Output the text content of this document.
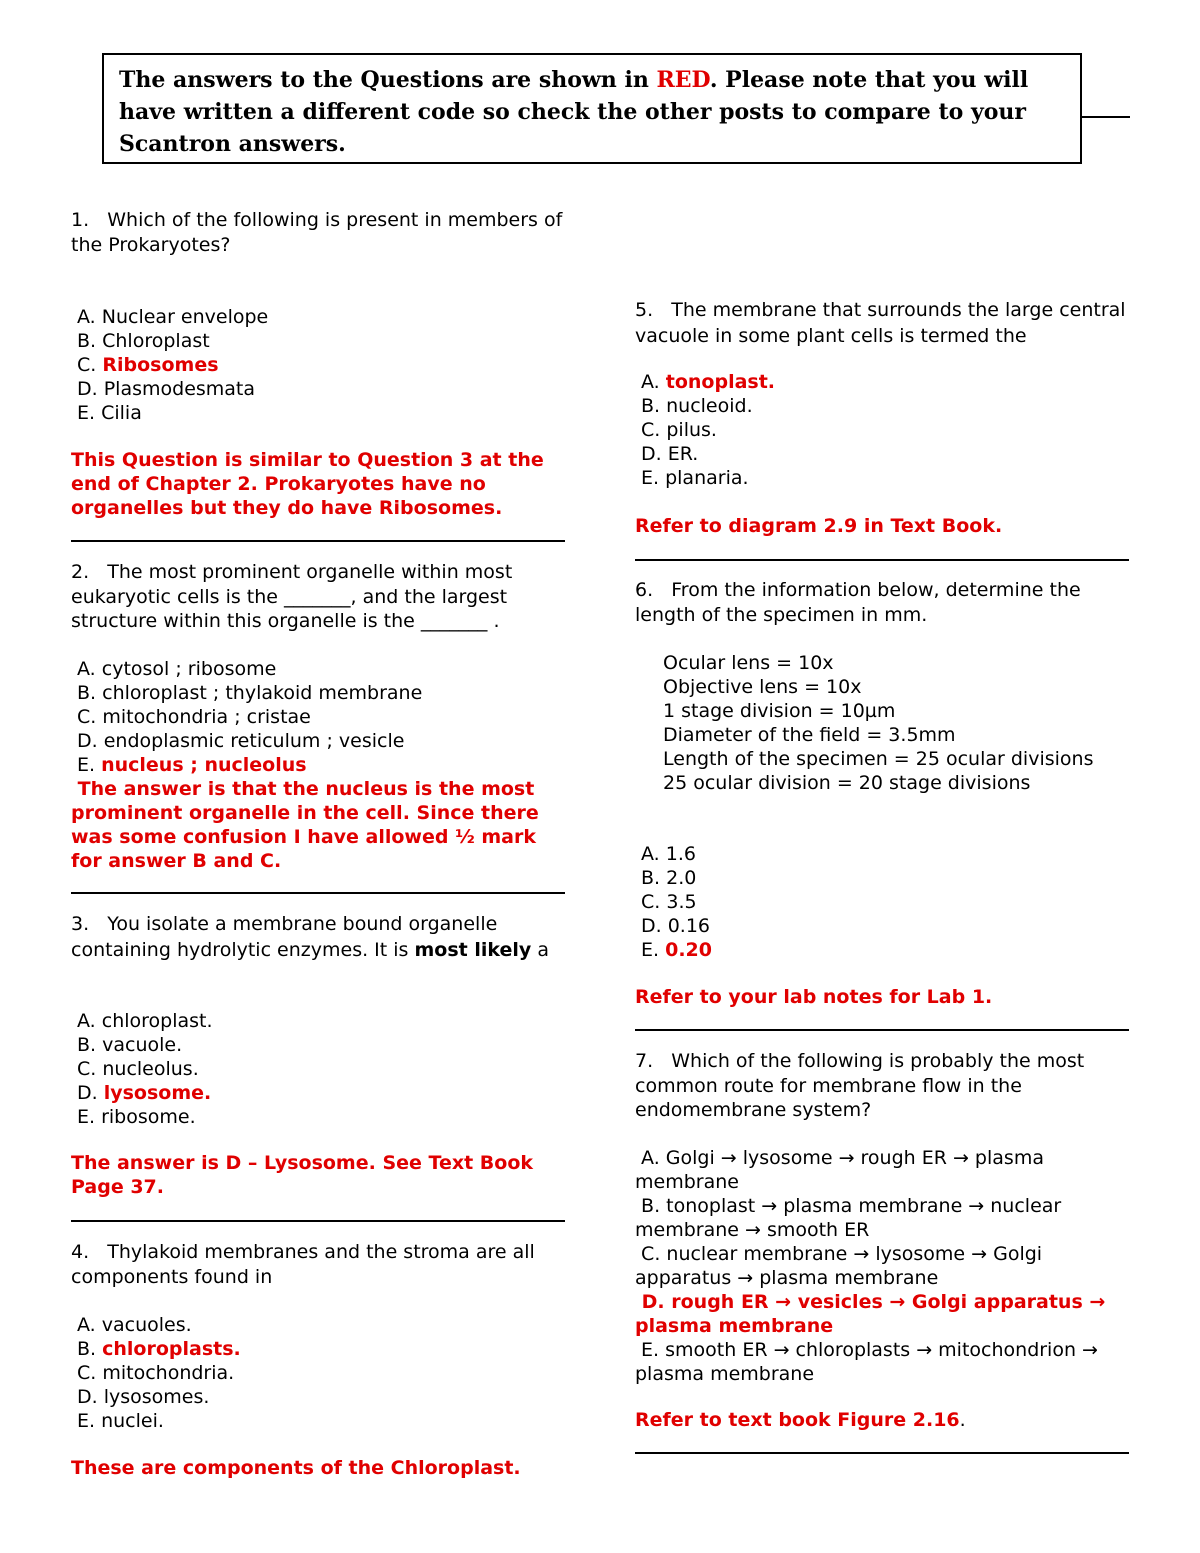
The answers to the Questions are shown in RED. Please note that you will have written a different code so check the other posts to compare to your Scantron answers.

1. Which of the following is present in members of the Prokaryotes?

A. Nuclear envelope
B. Chloroplast
C. Ribosomes
D. Plasmodesmata
E. Cilia

This Question is similar to Question 3 at the end of Chapter 2. Prokaryotes have no organelles but they do have Ribosomes.

2. The most prominent organelle within most eukaryotic cells is the _______, and the largest structure within this organelle is the _______ .

A. cytosol ; ribosome
B. chloroplast ; thylakoid membrane
C. mitochondria ; cristae
D. endoplasmic reticulum ; vesicle
E. nucleus ; nucleolus

The answer is that the nucleus is the most prominent organelle in the cell. Since there was some confusion I have allowed ½ mark for answer B and C.

3. You isolate a membrane bound organelle containing hydrolytic enzymes. It is most likely a

A. chloroplast.
B. vacuole.
C. nucleolus.
D. lysosome.
E. ribosome.

The answer is D – Lysosome. See Text Book Page 37.

4. Thylakoid membranes and the stroma are all components found in

A. vacuoles.
B. chloroplasts.
C. mitochondria.
D. lysosomes.
E. nuclei.

These are components of the Chloroplast.

5. The membrane that surrounds the large central vacuole in some plant cells is termed the

A. tonoplast.
B. nucleoid.
C. pilus.
D. ER.
E. planaria.

Refer to diagram 2.9 in Text Book.

6. From the information below, determine the length of the specimen in mm.

Ocular lens = 10x
Objective lens = 10x
1 stage division = 10µm
Diameter of the field = 3.5mm
Length of the specimen = 25 ocular divisions
25 ocular division = 20 stage divisions
A. 1.6
B. 2.0
C. 3.5
D. 0.16
E. 0.20

Refer to your lab notes for Lab 1.

7. Which of the following is probably the most common route for membrane flow in the endomembrane system?

A. Golgi → lysosome → rough ER → plasma membrane
B. tonoplast → plasma membrane → nuclear membrane → smooth ER
C. nuclear membrane → lysosome → Golgi apparatus → plasma membrane
D. rough ER → vesicles → Golgi apparatus → plasma membrane
E. smooth ER → chloroplasts → mitochondrion → plasma membrane

Refer to text book Figure 2.16.
